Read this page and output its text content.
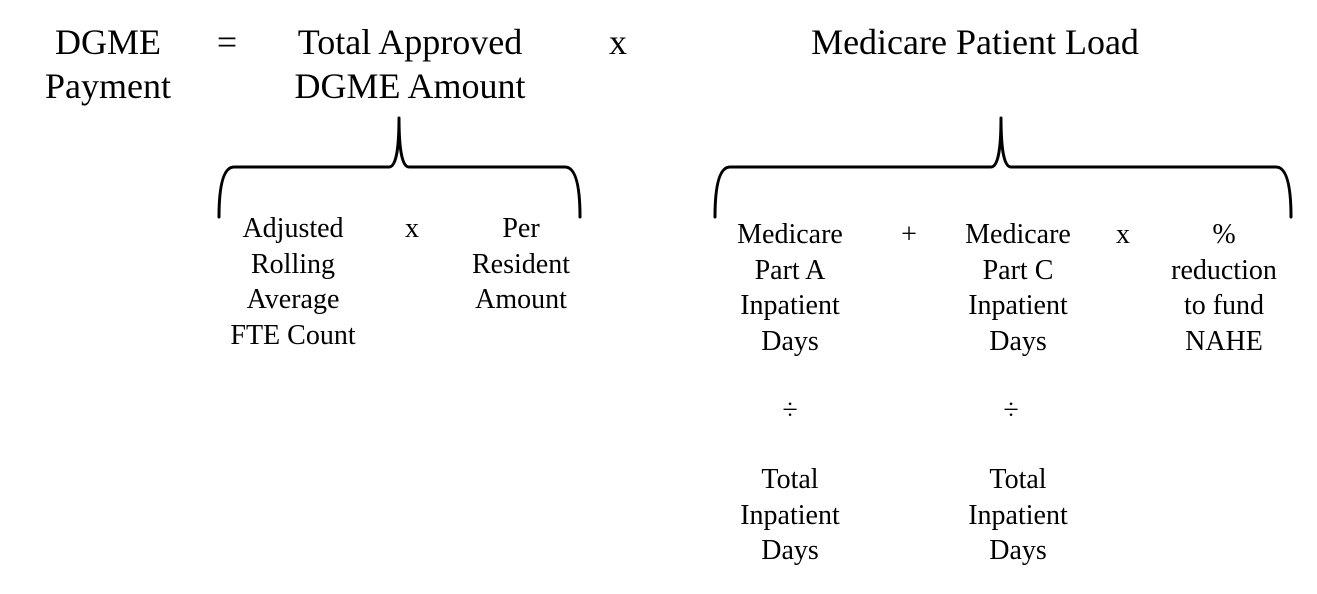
DGME
Payment
=	Total Approved
DGME Amount
x	Medicare Patient Load
Adjusted
Rolling
Average
FTE Count
x	Per
Resident
Amount
Medicare
Part A
Inpatient
Days
+	Medicare
Part C
Inpatient
Days
x	%
reduction
to fund
NAHE
÷	÷
Total
Inpatient
Days
Total
Inpatient
Days
